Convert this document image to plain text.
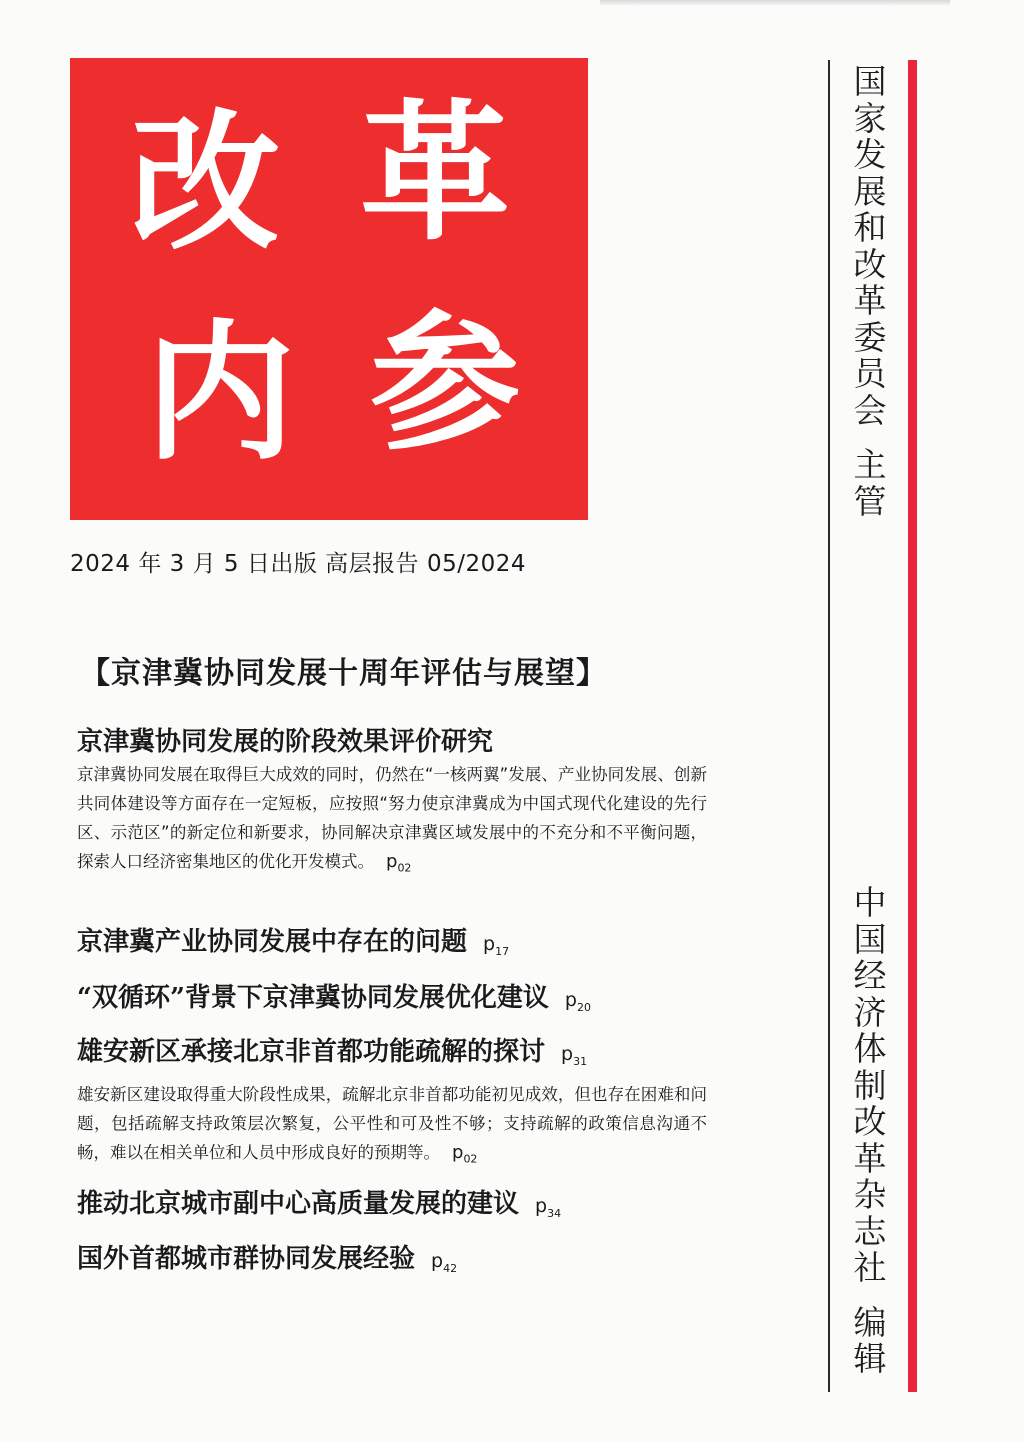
改 革
内 参
2024 年 3 月 5 日出版 高层报告 05/2024
【京津冀协同发展十周年评估与展望】
京津冀协同发展的阶段效果评价研究
京津冀协同发展在取得巨大成效的同时，仍然在“一核两翼”发展、产业协同发展、创新共同体建设等方面存在一定短板，应按照“努力使京津冀成为中国式现代化建设的先行区、示范区”的新定位和新要求，协同解决京津冀区域发展中的不充分和不平衡问题，探索人口经济密集地区的优化开发模式。 $p_{02}$
京津冀产业协同发展中存在的问题 $p_{17}$
“双循环”背景下京津冀协同发展优化建议 $p_{20}$
雄安新区承接北京非首都功能疏解的探讨 $p_{31}$
雄安新区建设取得重大阶段性成果，疏解北京非首都功能初见成效，但也存在困难和问题，包括疏解支持政策层次繁复，公平性和可及性不够；支持疏解的政策信息沟通不畅，难以在相关单位和人员中形成良好的预期等。 $p_{02}$
推动北京城市副中心高质量发展的建议 $p_{34}$
国外首都城市群协同发展经验 $p_{42}$
国
家
发
展
和
改
革
委
员
会
主
管
中
国
经
济
体
制
改
革
杂
志
社
编
辑
